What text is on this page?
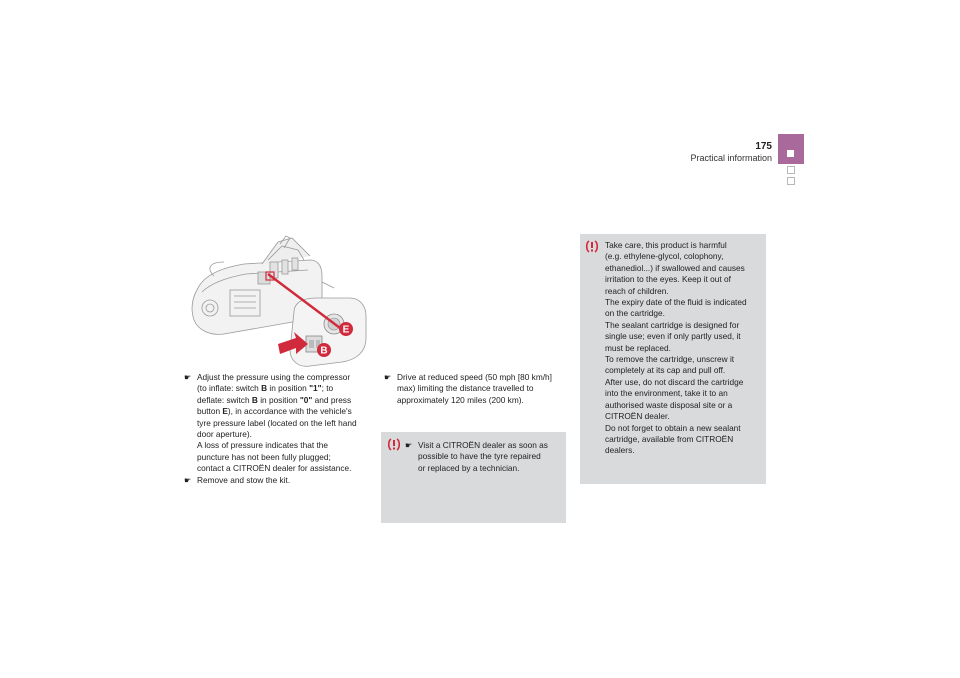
175
Practical information
E
B
☛ Adjust the pressure using the compressor

(to inflate: switch B in position "1"; to

deflate: switch B in position "0" and press

button E), in accordance with the vehicle's

tyre pressure label (located on the left hand

door aperture).

A loss of pressure indicates that the

puncture has not been fully plugged;

contact a CITROËN dealer for assistance.

☛ Remove and stow the kit.

☛ Drive at reduced speed (50 mph [80 km/h]

max) limiting the distance travelled to

approximately 120 miles (200 km).

☛ Visit a CITROËN dealer as soon as

possible to have the tyre repaired

or replaced by a technician.

Take care, this product is harmful

(e.g. ethylene-glycol, colophony,

ethanediol...) if swallowed and causes

irritation to the eyes. Keep it out of

reach of children.

The expiry date of the fluid is indicated

on the cartridge.

The sealant cartridge is designed for

single use; even if only partly used, it

must be replaced.

To remove the cartridge, unscrew it

completely at its cap and pull off.

After use, do not discard the cartridge

into the environment, take it to an

authorised waste disposal site or a

CITROËN dealer.

Do not forget to obtain a new sealant

cartridge, available from CITROËN

dealers.
